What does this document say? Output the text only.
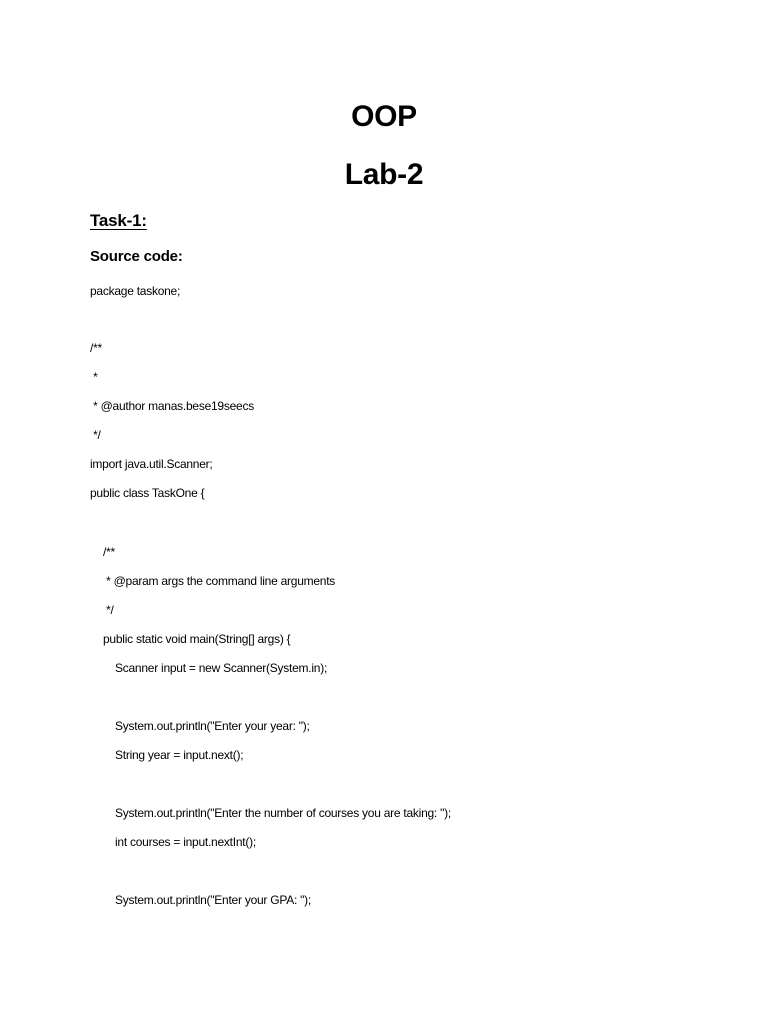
OOP
Lab-2
Task-1:
Source code:
package taskone;
/**
*
* @author manas.bese19seecs
*/
import java.util.Scanner;
public class TaskOne {
/**
* @param args the command line arguments
*/
public static void main(String[] args) {
Scanner input = new Scanner(System.in);
System.out.println("Enter your year: ");
String year = input.next();
System.out.println("Enter the number of courses you are taking: ");
int courses = input.nextInt();
System.out.println("Enter your GPA: ");
